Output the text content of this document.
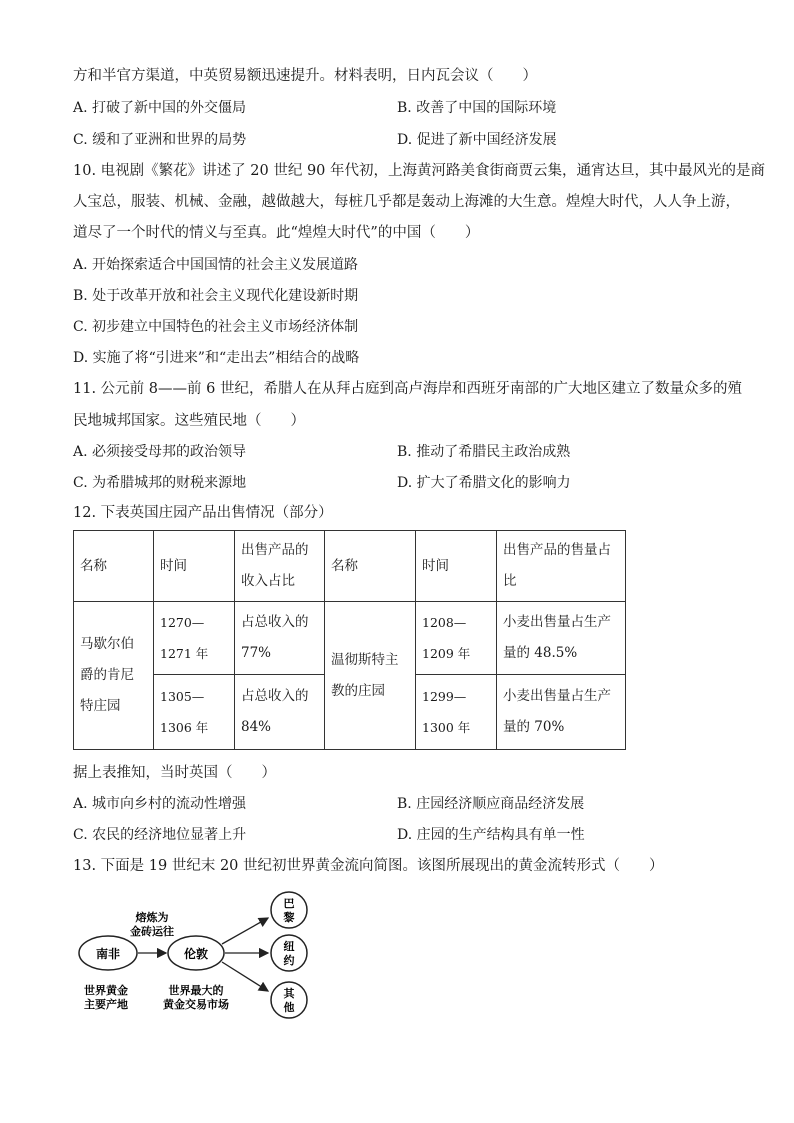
方和半官方渠道，中英贸易额迅速提升。材料表明，日内瓦会议（　　）
A. 打破了新中国的外交僵局	B. 改善了中国的国际环境
C. 缓和了亚洲和世界的局势	D. 促进了新中国经济发展
10. 电视剧《繁花》讲述了 20 世纪 90 年代初，上海黄河路美食街商贾云集，通宵达旦，其中最风光的是商
人宝总，服装、机械、金融，越做越大，每桩几乎都是轰动上海滩的大生意。煌煌大时代，人人争上游，
道尽了一个时代的情义与至真。此“煌煌大时代”的中国（　　）
A. 开始探索适合中国国情的社会主义发展道路
B. 处于改革开放和社会主义现代化建设新时期
C. 初步建立中国特色的社会主义市场经济体制
D. 实施了将“引进来”和“走出去”相结合的战略
11. 公元前 8——前 6 世纪，希腊人在从拜占庭到高卢海岸和西班牙南部的广大地区建立了数量众多的殖
民地城邦国家。这些殖民地（　　）
A. 必须接受母邦的政治领导	B. 推动了希腊民主政治成熟
C. 为希腊城邦的财税来源地	D. 扩大了希腊文化的影响力
12. 下表英国庄园产品出售情况（部分）
名称	时间	出售产品的收入占比	名称	时间	出售产品的售量占比
马歇尔伯爵的肯尼特庄园	1270—1271 年	占总收入的 77%	温彻斯特主教的庄园	1208—1209 年	小麦出售量占生产量的 48.5%
	1305—1306 年	占总收入的 84%		1299—1300 年	小麦出售量占生产量的 70%
据上表推知，当时英国（　　）
A. 城市向乡村的流动性增强	B. 庄园经济顺应商品经济发展
C. 农民的经济地位显著上升	D. 庄园的生产结构具有单一性
13. 下面是 19 世纪末 20 世纪初世界黄金流向简图。该图所展现出的黄金流转形式（　　）
南非
熔炼为
金砖运往
伦敦
巴
黎
纽
约
其
他
世界黄金
主要产地
世界最大的
黄金交易市场
